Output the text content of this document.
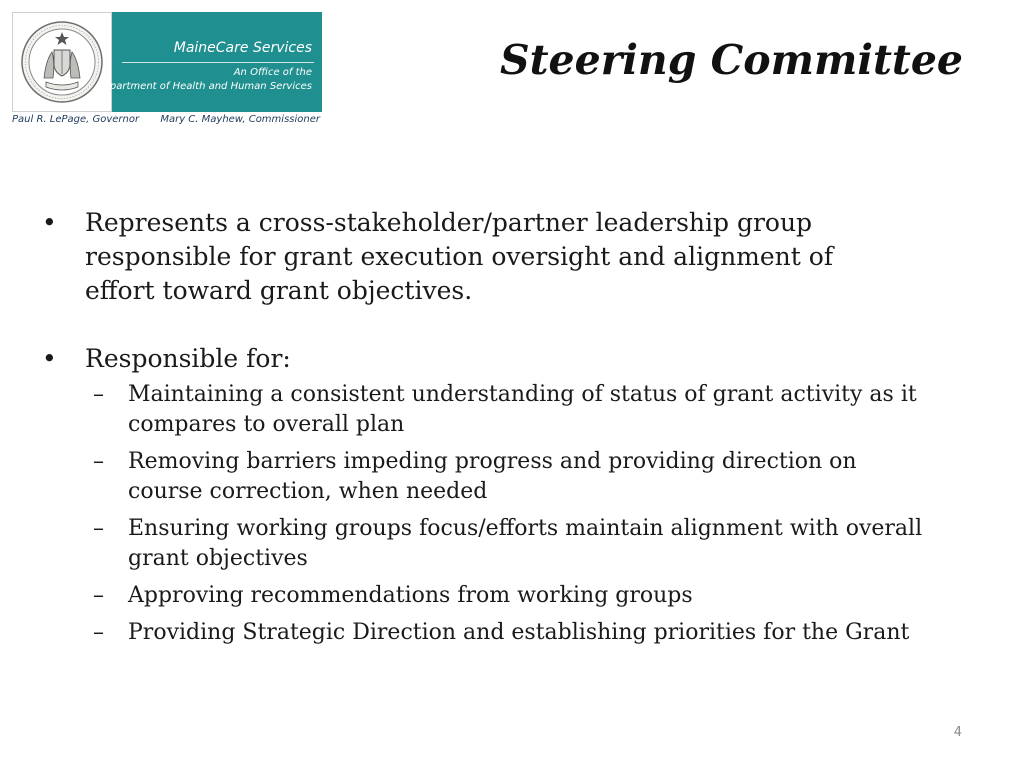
MaineCare Services
An Office of the
Department of Health and Human Services
Paul R. LePage, Governor Mary C. Mayhew, Commissioner
Steering Committee
•	Represents a cross-stakeholder/partner leadership group responsible for grant execution oversight and alignment of effort toward grant objectives.
•	Responsible for:
–	Maintaining a consistent understanding of status of grant activity as it compares to overall plan
–	Removing barriers impeding progress and providing direction on course correction, when needed
–	Ensuring working groups focus/efforts maintain alignment with overall grant objectives
–	Approving recommendations from working groups
–	Providing Strategic Direction and establishing priorities for the Grant
4
